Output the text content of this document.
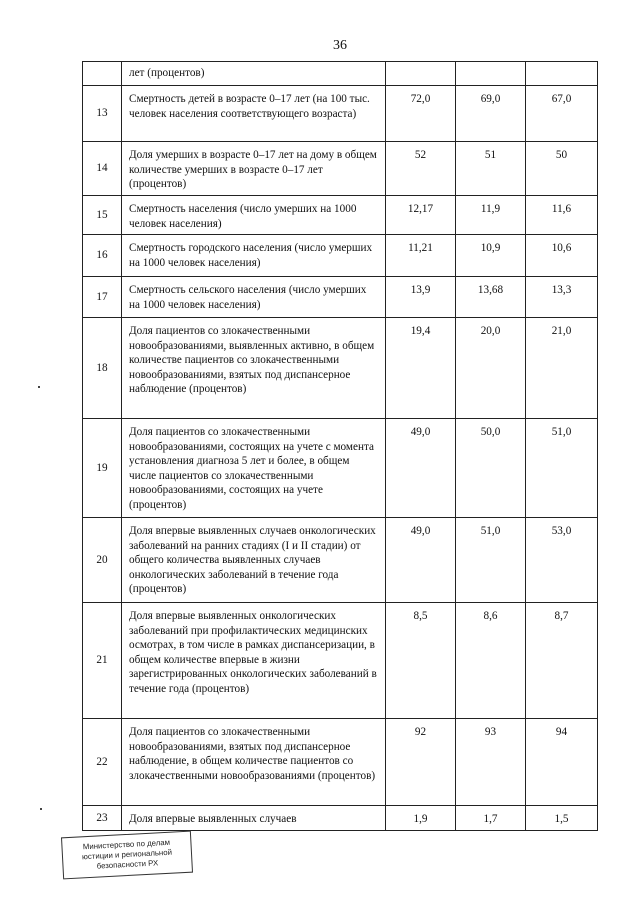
36
	лет (процентов)			
13	Смертность детей в возрасте 0–17 лет (на 100 тыс. человек населения соответствующего возраста)	72,0	69,0	67,0
14	Доля умерших в возрасте 0–17 лет на дому в общем количестве умерших в возрасте 0–17 лет (процентов)	52	51	50
15	Смертность населения (число умерших на 1000 человек населения)	12,17	11,9	11,6
16	Смертность городского населения (число умерших на 1000 человек населения)	11,21	10,9	10,6
17	Смертность сельского населения (число умерших на 1000 человек населения)	13,9	13,68	13,3
18	Доля пациентов со злокачественными новообразованиями, выявленных активно, в общем количестве пациентов со злокачественными новообразованиями, взятых под диспансерное наблюдение (процентов)	19,4	20,0	21,0
19	Доля пациентов со злокачественными новообразованиями, состоящих на учете с момента установления диагноза 5 лет и более, в общем числе пациентов со злокачественными новообразованиями, состоящих на учете (процентов)	49,0	50,0	51,0
20	Доля впервые выявленных случаев онкологических заболеваний на ранних стадиях (I и II стадии) от общего количества выявленных случаев онкологических заболеваний в течение года (процентов)	49,0	51,0	53,0
21	Доля впервые выявленных онкологических заболеваний при профилактических медицинских осмотрах, в том числе в рамках диспансеризации, в общем количестве впервые в жизни зарегистрированных онкологических заболеваний в течение года (процентов)	8,5	8,6	8,7
22	Доля пациентов со злокачественными новообразованиями, взятых под диспансерное наблюдение, в общем количестве пациентов со злокачественными новообразованиями (процентов)	92	93	94
23	Доля впервые выявленных случаев	1,9	1,7	1,5
Министерство по делам
юстиции и региональной
безопасности РХ
